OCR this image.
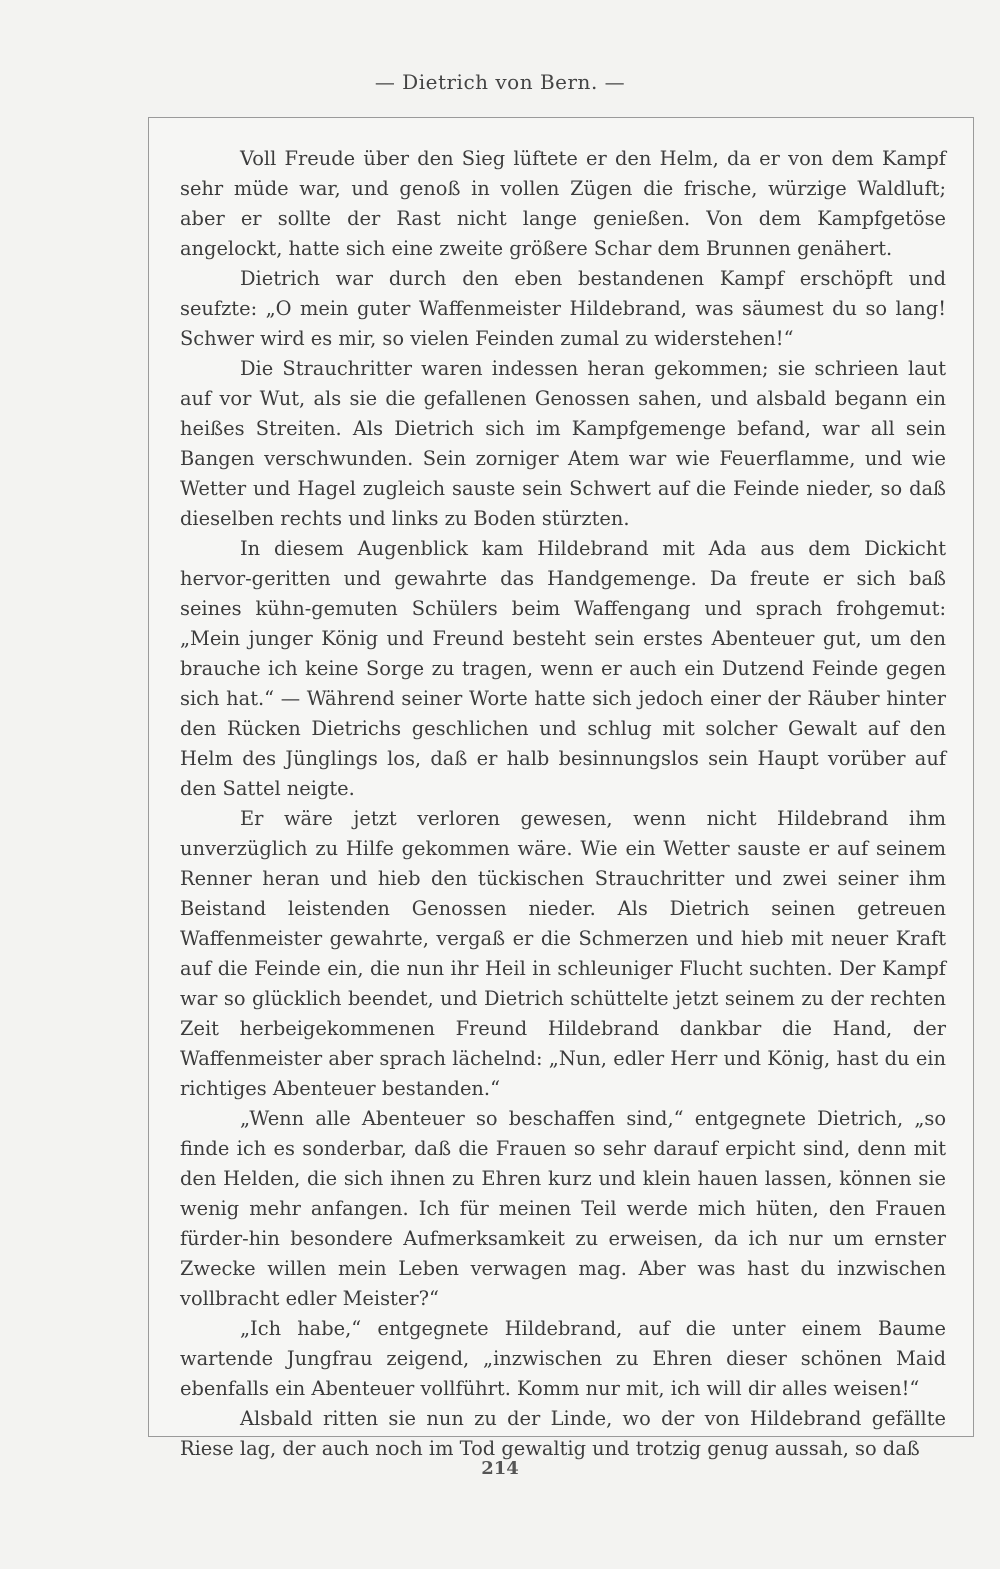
— Dietrich von Bern. —

Voll Freude über den Sieg lüftete er den Helm, da er von dem Kampf sehr müde war, und genoß in vollen Zügen die frische, würzige Waldluft; aber er sollte der Rast nicht lange genießen. Von dem Kampfgetöse angelockt, hatte sich eine zweite größere Schar dem Brunnen genähert.

Dietrich war durch den eben bestandenen Kampf erschöpft und seufzte: „O mein guter Waffenmeister Hildebrand, was säumest du so lang! Schwer wird es mir, so vielen Feinden zumal zu widerstehen!“

Die Strauchritter waren indessen heran gekommen; sie schrieen laut auf vor Wut, als sie die gefallenen Genossen sahen, und alsbald begann ein heißes Streiten. Als Dietrich sich im Kampfgemenge befand, war all sein Bangen verschwunden. Sein zorniger Atem war wie Feuerflamme, und wie Wetter und Hagel zugleich sauste sein Schwert auf die Feinde nieder, so daß dieselben rechts und links zu Boden stürzten.

In diesem Augenblick kam Hildebrand mit Ada aus dem Dickicht hervor-geritten und gewahrte das Handgemenge. Da freute er sich baß seines kühn-gemuten Schülers beim Waffengang und sprach frohgemut: „Mein junger König und Freund besteht sein erstes Abenteuer gut, um den brauche ich keine Sorge zu tragen, wenn er auch ein Dutzend Feinde gegen sich hat.“ — Während seiner Worte hatte sich jedoch einer der Räuber hinter den Rücken Dietrichs geschlichen und schlug mit solcher Gewalt auf den Helm des Jünglings los, daß er halb besinnungslos sein Haupt vorüber auf den Sattel neigte.

Er wäre jetzt verloren gewesen, wenn nicht Hildebrand ihm unverzüglich zu Hilfe gekommen wäre. Wie ein Wetter sauste er auf seinem Renner heran und hieb den tückischen Strauchritter und zwei seiner ihm Beistand leistenden Genossen nieder. Als Dietrich seinen getreuen Waffenmeister gewahrte, vergaß er die Schmerzen und hieb mit neuer Kraft auf die Feinde ein, die nun ihr Heil in schleuniger Flucht suchten. Der Kampf war so glücklich beendet, und Dietrich schüttelte jetzt seinem zu der rechten Zeit herbeigekommenen Freund Hildebrand dankbar die Hand, der Waffenmeister aber sprach lächelnd: „Nun, edler Herr und König, hast du ein richtiges Abenteuer bestanden.“

„Wenn alle Abenteuer so beschaffen sind,“ entgegnete Dietrich, „so finde ich es sonderbar, daß die Frauen so sehr darauf erpicht sind, denn mit den Helden, die sich ihnen zu Ehren kurz und klein hauen lassen, können sie wenig mehr anfangen. Ich für meinen Teil werde mich hüten, den Frauen fürder-hin besondere Aufmerksamkeit zu erweisen, da ich nur um ernster Zwecke willen mein Leben verwagen mag. Aber was hast du inzwischen vollbracht edler Meister?“

„Ich habe,“ entgegnete Hildebrand, auf die unter einem Baume wartende Jungfrau zeigend, „inzwischen zu Ehren dieser schönen Maid ebenfalls ein Abenteuer vollführt. Komm nur mit, ich will dir alles weisen!“

Alsbald ritten sie nun zu der Linde, wo der von Hildebrand gefällte Riese lag, der auch noch im Tod gewaltig und trotzig genug aussah, so daß

214
